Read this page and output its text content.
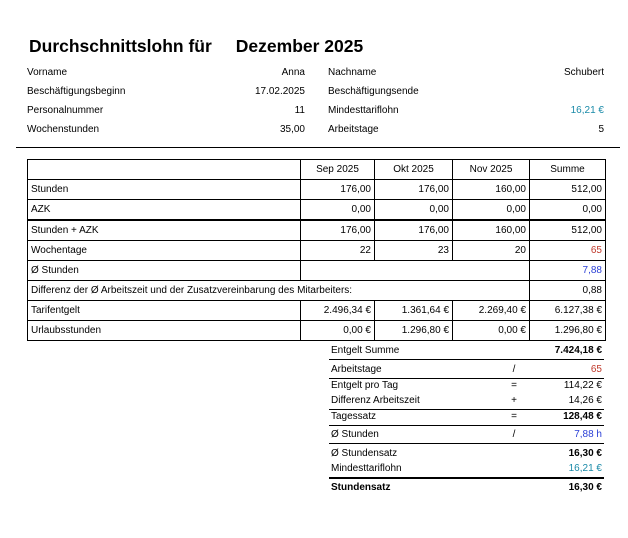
Durchschnittslohn für Dezember 2025
Vorname	Anna
Beschäftigungsbeginn	17.02.2025
Personalnummer	11
Wochenstunden	35,00
Nachname	Schubert
Beschäftigungsende
Mindesttariflohn	16,21 €
Arbeitstage	5
	Sep 2025	Okt 2025	Nov 2025	Summe
Stunden	176,00	176,00	160,00	512,00
AZK	0,00	0,00	0,00	0,00
Stunden + AZK	176,00	176,00	160,00	512,00
Wochentage	22	23	20	65
Ø Stunden				7,88
Differenz der Ø Arbeitszeit und der Zusatzvereinbarung des Mitarbeiters:				0,88
Tarifentgelt	2.496,34 €	1.361,64 €	2.269,40 €	6.127,38 €
Urlaubsstunden	0,00 €	1.296,80 €	0,00 €	1.296,80 €
Entgelt Summe	7.424,18 €
Arbeitstage	/	65
Entgelt pro Tag	=	114,22 €
Differenz Arbeitszeit	+	14,26 €
Tagessatz	=	128,48 €
Ø Stunden	/	7,88 h
Ø Stundensatz	16,30 €
Mindesttariflohn	16,21 €
Stundensatz	16,30 €
